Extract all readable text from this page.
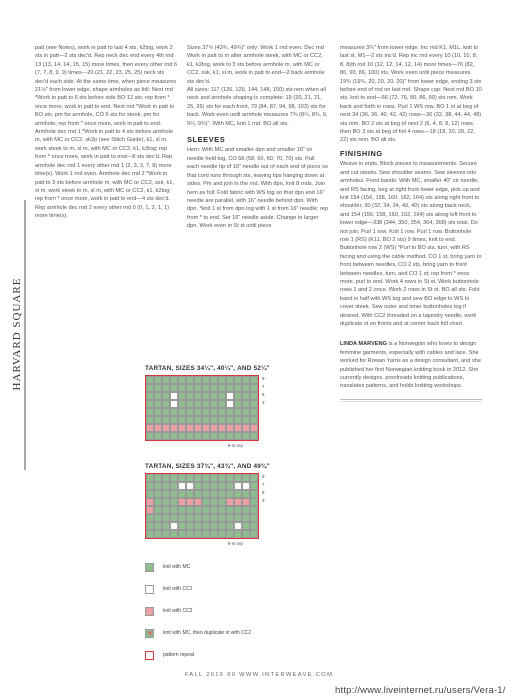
HARVARD SQUARE

patt (see Notes), work in patt to last 4 sts, k2tog, work 2 sts in patt—2 sts dec'd. Rep neck dec end every 4th rnd 13 (13, 14, 14, 15, 15) more times, then every other rnd 6 (7, 7, 8, 9, 9) times—20 (21, 22, 23, 25, 25) neck sts dec'd each side. At the same time, when piece measures 21½" from lower edge, shape armholes as foll: Next rnd *Work in patt to 6 sts before side BO 12 sts; rep from * once more, work in patt to end. Next rnd *Work in patt to BO sts, pm for armhole, CO 5 sts for steek, pm for armhole; rep from * once more, work in patt to end. Armhole dec rnd 1 *Work in patt to 4 sts before armhole m, with MC or CC2, sk2p (see Stitch Guide), k1, sl m, work steek to m, sl m, with MC or CC2, k1, k3tog; rep from * once more, work in patt to end—8 sts dec'd. Rep armhole dec rnd 1 every other rnd 1 (2, 3, 3, 7, 8) more time(s). Work 1 rnd even. Armhole dec rnd 2 *Work in patt to 3 sts before armhole m, with MC or CC2, ssk, k1, sl m, work steek to m, sl m, with MC or CC2, k1, k2tog; rep from * once more, work in patt to end—4 sts dec'd. Rep armhole dec rnd 2 every other rnd 0 (0, 1, 2, 1, 1) more time(s).

Sizes 37¾ (43¾, 49¾)" only: Work 1 rnd even. Dec rnd Work in patt to m after armhole steek, with MC or CC2, k1, k2tog, work to 3 sts before armhole m, with MC or CC2, ssk, k1, sl m, work in patt to end—2 back armhole sts dec'd.

All sizes: 117 (126, 129, 144, 148, 150) sts rem when all neck and armhole shaping is complete: 19 (20, 21, 21, 25, 26) sts for each front, 79 (84, 87, 94, 98, 103) sts for back. Work even until armhole measures 7¾ (8¼, 8¾, 9, 9¼, 9¾)". With MC, knit 1 rnd. BO all sts.

SLEEVES

Hem: With MC and smaller dpn and smaller 16" cir needle held tog, CO 56 (58, 60, 60, 70, 70) sts. Pull each needle tip of 16" needle out of each end of piece so that cord runs through sts, leaving tips hanging down at sides. Pm and join in the rnd. With dpn, knit 8 rnds. Join hem as foll: Fold fabric with WS tog so that dpn and 16" needle are parallel, with 16" needle behind dpn. With dpn, *knit 1 st from dpn tog with 1 st from 16" needle; rep from * to end. Set 16" needle aside. Change to larger dpn. Work even in St st until piece

measures 3¾" from lower edge. Inc rnd K1, M1L, knit to last st, M1—2 sts inc'd. Rep inc rnd every 10 (10, 10, 8, 8, 8)th rnd 10 (12, 12, 14, 12, 14) more times—76 (82, 86, 90, 86, 100) sts. Work even until piece measures 19¾ (19¾, 20, 20, 20, 20)" from lower edge, ending 3 sts before end of rnd on last rnd. Shape cap: Next rnd BO 10 sts, knit to end—66 (72, 76, 80, 86, 90) sts rem. Work back and forth in rows. Purl 1 WS row. BO 1 st at beg of next 34 (36, 36, 40, 42, 42) rows—30 (32, 38, 44, 44, 48) sts rem. BO 2 sts at beg of next 2 (6, 4, 8, 8, 12) rows, then BO 3 sts at beg of foll 4 rows—18 (18, 20, 20, 22, 22) sts rem. BO all sts.

FINISHING

Weave in ends. Block pieces to measurements. Secure and cut steeks. Sew shoulder seams. Sew sleeves into armholes. Front bands: With MC, smaller 40" cir needle, and RS facing, beg at right front lower edge, pick up and knit 154 (156, 158, 160, 162, 164) sts along right front to shoulder, 30 (32, 34, 34, 40, 40) sts along back neck, and 154 (156, 158, 160, 162, 164) sts along left front to lower edge—338 (344, 350, 354, 364, 368) sts total. Do not join. Purl 1 row. Knit 1 row. Purl 1 row. Buttonhole row 1 (RS) (K11, BO 2 sts) 9 times, knit to end. Buttonhole row 2 (WS) *Purl to BO sts, turn, with RS facing and using the cable method, CO 1 st, bring yarn to front between needles, CO 2 sts, bring yarn to front between needles, turn, and CO 1 st; rep from * once more, purl to end. Work 4 rows in St st. Work buttonhole rows 1 and 2 once. Work 2 rows in St st. BO all sts. Fold band in half with WS tog and sew BO edge to WS to cover steek. Sew outer and inner buttonholes tog if desired. With CC2 threaded on a tapestry needle, work duplicate st on fronts and at center back foll chart.

LINDA MARVENG is a Norwegian who loves to design feminine garments, especially with cables and lace. She worked for Rowan Yarns as a design consultant, and she published her first Norwegian knitting book in 2012. She currently designs, proofreads knitting publications, translates patterns, and holds knitting workshops.

TARTAN, SIZES 34¼", 40¼", AND 52¼"
9
7
5
3
9-st rep
TARTAN, SIZES 37¾", 43¾", AND 49¾"
9
7
5
3
9-st rep
knit with MC
knit with CC1
knit with CC2
knit with MC, then duplicate st with CC2
pattern repeat
FALL 2016 60 WWW.INTERWEAVE.COM
http://www.liveinternet.ru/users/Vera-1/
